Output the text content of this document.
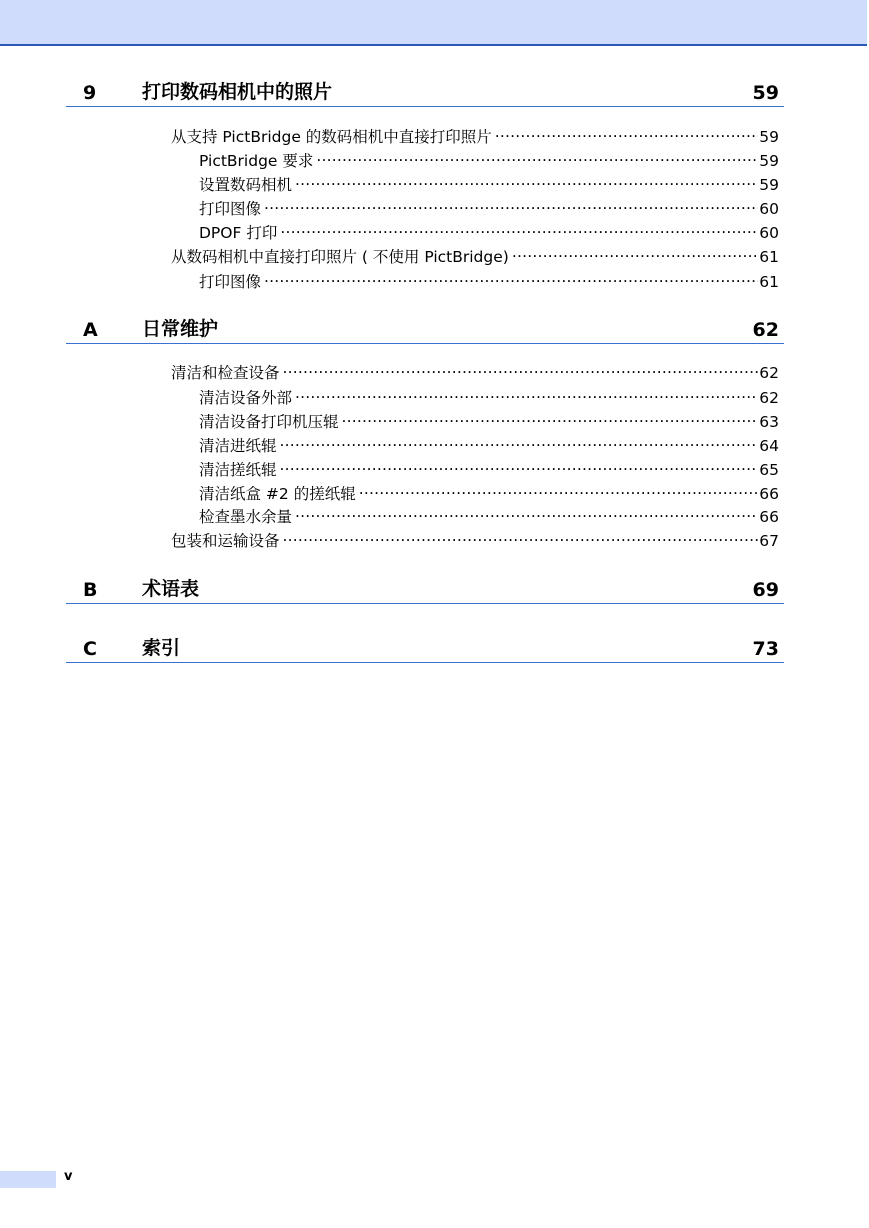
9 打印数码相机中的照片	59
从支持 PictBridge 的数码相机中直接打印照片 .....	59
PictBridge 要求 .....	59
设置数码相机 .....	59
打印图像 .....	60
DPOF 打印 .....	60
从数码相机中直接打印照片 ( 不使用 PictBridge) .....	61
打印图像 .....	61
A 日常维护	62
清洁和检查设备 .....	62
清洁设备外部 .....	62
清洁设备打印机压辊 .....	63
清洁进纸辊 .....	64
清洁搓纸辊 .....	65
清洁纸盒 #2 的搓纸辊 .....	66
检查墨水余量 .....	66
包装和运输设备 .....	67
B 术语表	69
C 索引	73
v
